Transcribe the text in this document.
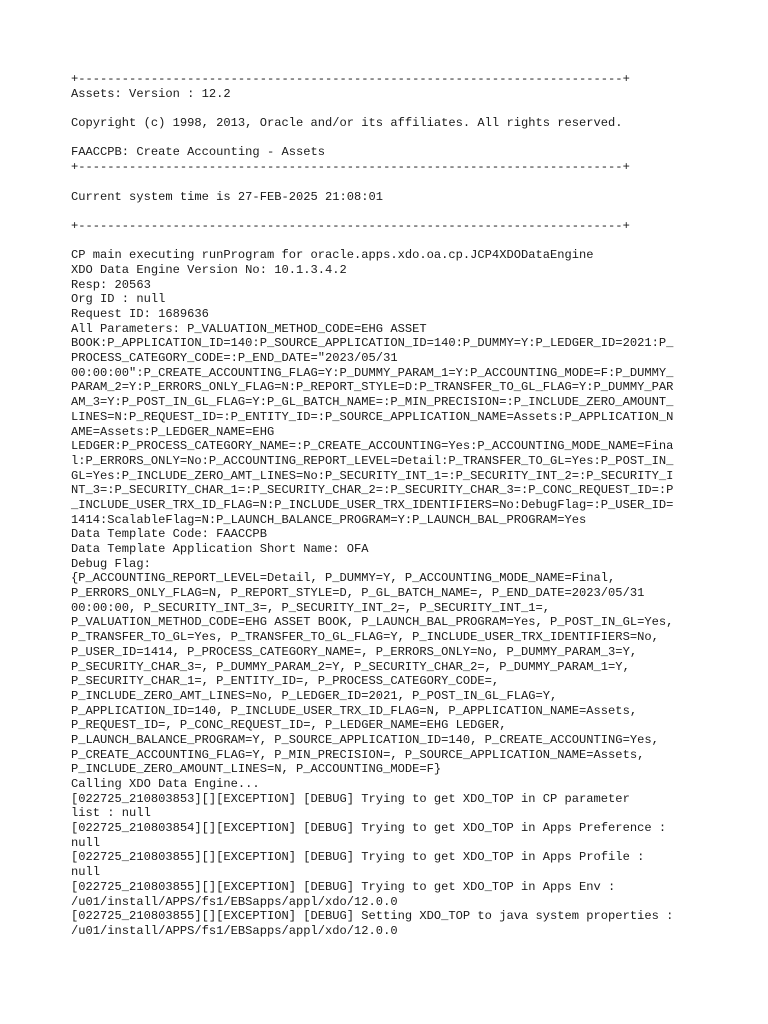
+---------------------------------------------------------------------------+
Assets: Version : 12.2
Copyright (c) 1998, 2013, Oracle and/or its affiliates. All rights reserved.
FAACCPB: Create Accounting - Assets
+---------------------------------------------------------------------------+
Current system time is 27-FEB-2025 21:08:01
+---------------------------------------------------------------------------+
CP main executing runProgram for oracle.apps.xdo.oa.cp.JCP4XDODataEngine
XDO Data Engine Version No: 10.1.3.4.2
Resp: 20563
Org ID : null
Request ID: 1689636
All Parameters: P_VALUATION_METHOD_CODE=EHG ASSET
BOOK:P_APPLICATION_ID=140:P_SOURCE_APPLICATION_ID=140:P_DUMMY=Y:P_LEDGER_ID=2021:P_
PROCESS_CATEGORY_CODE=:P_END_DATE="2023/05/31
00:00:00":P_CREATE_ACCOUNTING_FLAG=Y:P_DUMMY_PARAM_1=Y:P_ACCOUNTING_MODE=F:P_DUMMY_
PARAM_2=Y:P_ERRORS_ONLY_FLAG=N:P_REPORT_STYLE=D:P_TRANSFER_TO_GL_FLAG=Y:P_DUMMY_PAR
AM_3=Y:P_POST_IN_GL_FLAG=Y:P_GL_BATCH_NAME=:P_MIN_PRECISION=:P_INCLUDE_ZERO_AMOUNT_
LINES=N:P_REQUEST_ID=:P_ENTITY_ID=:P_SOURCE_APPLICATION_NAME=Assets:P_APPLICATION_N
AME=Assets:P_LEDGER_NAME=EHG
LEDGER:P_PROCESS_CATEGORY_NAME=:P_CREATE_ACCOUNTING=Yes:P_ACCOUNTING_MODE_NAME=Fina
l:P_ERRORS_ONLY=No:P_ACCOUNTING_REPORT_LEVEL=Detail:P_TRANSFER_TO_GL=Yes:P_POST_IN_
GL=Yes:P_INCLUDE_ZERO_AMT_LINES=No:P_SECURITY_INT_1=:P_SECURITY_INT_2=:P_SECURITY_I
NT_3=:P_SECURITY_CHAR_1=:P_SECURITY_CHAR_2=:P_SECURITY_CHAR_3=:P_CONC_REQUEST_ID=:P
_INCLUDE_USER_TRX_ID_FLAG=N:P_INCLUDE_USER_TRX_IDENTIFIERS=No:DebugFlag=:P_USER_ID=
1414:ScalableFlag=N:P_LAUNCH_BALANCE_PROGRAM=Y:P_LAUNCH_BAL_PROGRAM=Yes
Data Template Code: FAACCPB
Data Template Application Short Name: OFA
Debug Flag:
{P_ACCOUNTING_REPORT_LEVEL=Detail, P_DUMMY=Y, P_ACCOUNTING_MODE_NAME=Final,
P_ERRORS_ONLY_FLAG=N, P_REPORT_STYLE=D, P_GL_BATCH_NAME=, P_END_DATE=2023/05/31
00:00:00, P_SECURITY_INT_3=, P_SECURITY_INT_2=, P_SECURITY_INT_1=,
P_VALUATION_METHOD_CODE=EHG ASSET BOOK, P_LAUNCH_BAL_PROGRAM=Yes, P_POST_IN_GL=Yes,
P_TRANSFER_TO_GL=Yes, P_TRANSFER_TO_GL_FLAG=Y, P_INCLUDE_USER_TRX_IDENTIFIERS=No,
P_USER_ID=1414, P_PROCESS_CATEGORY_NAME=, P_ERRORS_ONLY=No, P_DUMMY_PARAM_3=Y,
P_SECURITY_CHAR_3=, P_DUMMY_PARAM_2=Y, P_SECURITY_CHAR_2=, P_DUMMY_PARAM_1=Y,
P_SECURITY_CHAR_1=, P_ENTITY_ID=, P_PROCESS_CATEGORY_CODE=,
P_INCLUDE_ZERO_AMT_LINES=No, P_LEDGER_ID=2021, P_POST_IN_GL_FLAG=Y,
P_APPLICATION_ID=140, P_INCLUDE_USER_TRX_ID_FLAG=N, P_APPLICATION_NAME=Assets,
P_REQUEST_ID=, P_CONC_REQUEST_ID=, P_LEDGER_NAME=EHG LEDGER,
P_LAUNCH_BALANCE_PROGRAM=Y, P_SOURCE_APPLICATION_ID=140, P_CREATE_ACCOUNTING=Yes,
P_CREATE_ACCOUNTING_FLAG=Y, P_MIN_PRECISION=, P_SOURCE_APPLICATION_NAME=Assets,
P_INCLUDE_ZERO_AMOUNT_LINES=N, P_ACCOUNTING_MODE=F}
Calling XDO Data Engine...
[022725_210803853][][EXCEPTION] [DEBUG] Trying to get XDO_TOP in CP parameter
list : null
[022725_210803854][][EXCEPTION] [DEBUG] Trying to get XDO_TOP in Apps Preference :
null
[022725_210803855][][EXCEPTION] [DEBUG] Trying to get XDO_TOP in Apps Profile :
null
[022725_210803855][][EXCEPTION] [DEBUG] Trying to get XDO_TOP in Apps Env :
/u01/install/APPS/fs1/EBSapps/appl/xdo/12.0.0
[022725_210803855][][EXCEPTION] [DEBUG] Setting XDO_TOP to java system properties :
/u01/install/APPS/fs1/EBSapps/appl/xdo/12.0.0
